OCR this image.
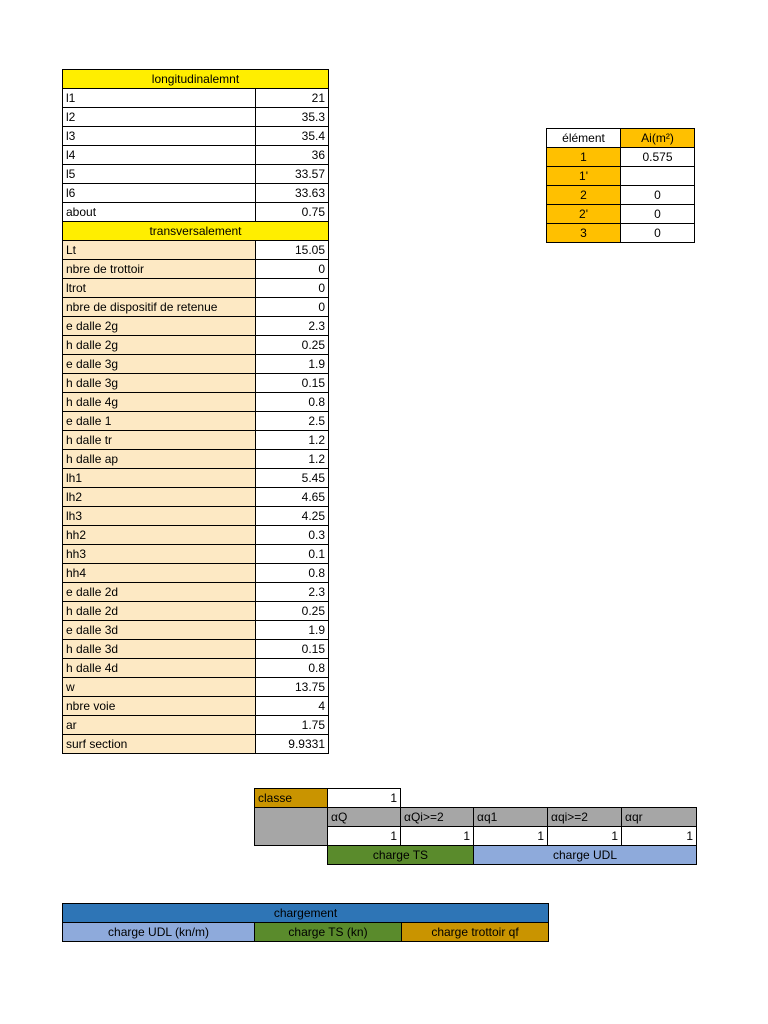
longitudinalemnt	
l1	21
l2	35.3
l3	35.4
l4	36
l5	33.57
l6	33.63
about	0.75
transversalement	
Lt	15.05
nbre de trottoir	0
ltrot	0
nbre de dispositif de retenue	0
e dalle 2g	2.3
h dalle 2g	0.25
e dalle 3g	1.9
h dalle 3g	0.15
h dalle 4g	0.8
e dalle 1	2.5
h dalle tr	1.2
h dalle ap	1.2
lh1	5.45
lh2	4.65
lh3	4.25
hh2	0.3
hh3	0.1
hh4	0.8
e dalle 2d	2.3
h dalle 2d	0.25
e dalle 3d	1.9
h dalle 3d	0.15
h dalle 4d	0.8
w	13.75
nbre voie	4
ar	1.75
surf section	9.9331
élément	Ai(m²)
1	0.575
1'	
2	0
2'	0
3	0
classe	1				
	αQ	αQi>=2	αq1	αqi>=2	αqr
	1	1	1	1	1
	charge TS		charge UDL		
chargement
charge UDL (kn/m)	charge TS (kn)	charge trottoir qf
